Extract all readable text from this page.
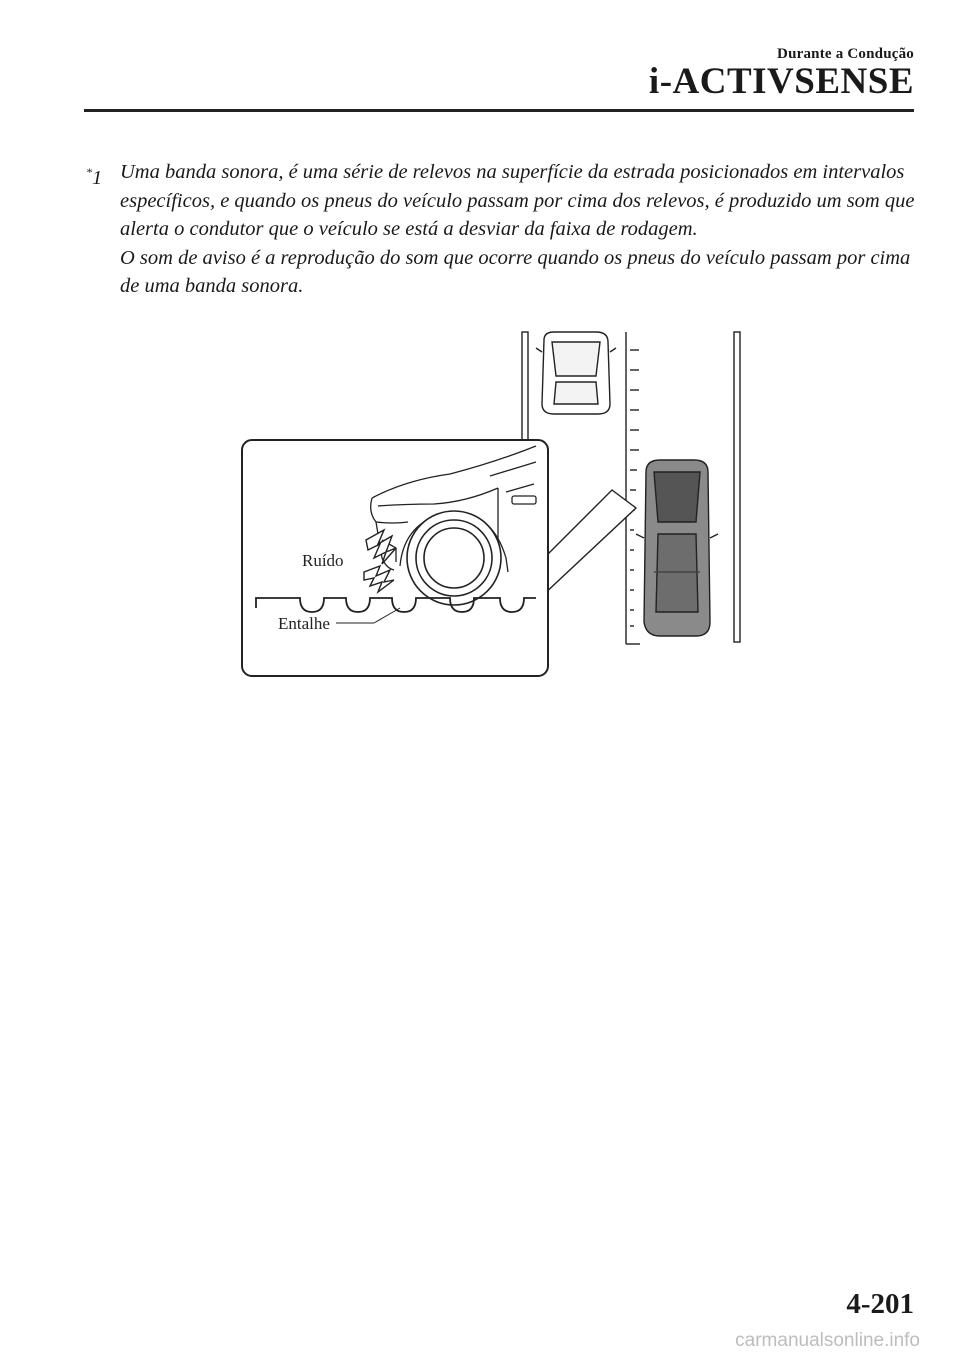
Durante a Condução
i-ACTIVSENSE
*1 Uma banda sonora, é uma série de relevos na superfície da estrada posicionados em intervalos específicos, e quando os pneus do veículo passam por cima dos relevos, é produzido um som que alerta o condutor que o veículo se está a desviar da faixa de rodagem.

O som de aviso é a reprodução do som que ocorre quando os pneus do veículo passam por cima de uma banda sonora.

Ruído
Entalhe
4-201
carmanualsonline.info
